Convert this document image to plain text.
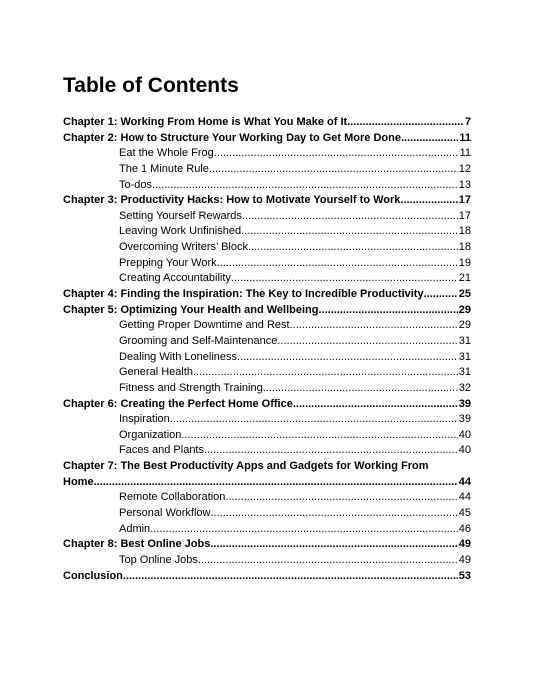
Table of Contents
Chapter 1: Working From Home is What You Make of It .....	7
Chapter 2: How to Structure Your Working Day to Get More Done .....	11
Eat the Whole Frog .....	11
The 1 Minute Rule .....	12
To-dos .....	13
Chapter 3: Productivity Hacks: How to Motivate Yourself to Work .....	17
Setting Yourself Rewards .....	17
Leaving Work Unfinished .....	18
Overcoming Writers’ Block .....	18
Prepping Your Work .....	19
Creating Accountability .....	21
Chapter 4: Finding the Inspiration: The Key to Incredible Productivity .....	25
Chapter 5: Optimizing Your Health and Wellbeing .....	29
Getting Proper Downtime and Rest .....	29
Grooming and Self-Maintenance .....	31
Dealing With Loneliness .....	31
General Health .....	31
Fitness and Strength Training .....	32
Chapter 6: Creating the Perfect Home Office .....	39
Inspiration .....	39
Organization .....	40
Faces and Plants .....	40
Chapter 7: The Best Productivity Apps and Gadgets for Working From
Home .....	44
Remote Collaboration .....	44
Personal Workflow .....	45
Admin .....	46
Chapter 8: Best Online Jobs .....	49
Top Online Jobs .....	49
Conclusion .....	53
